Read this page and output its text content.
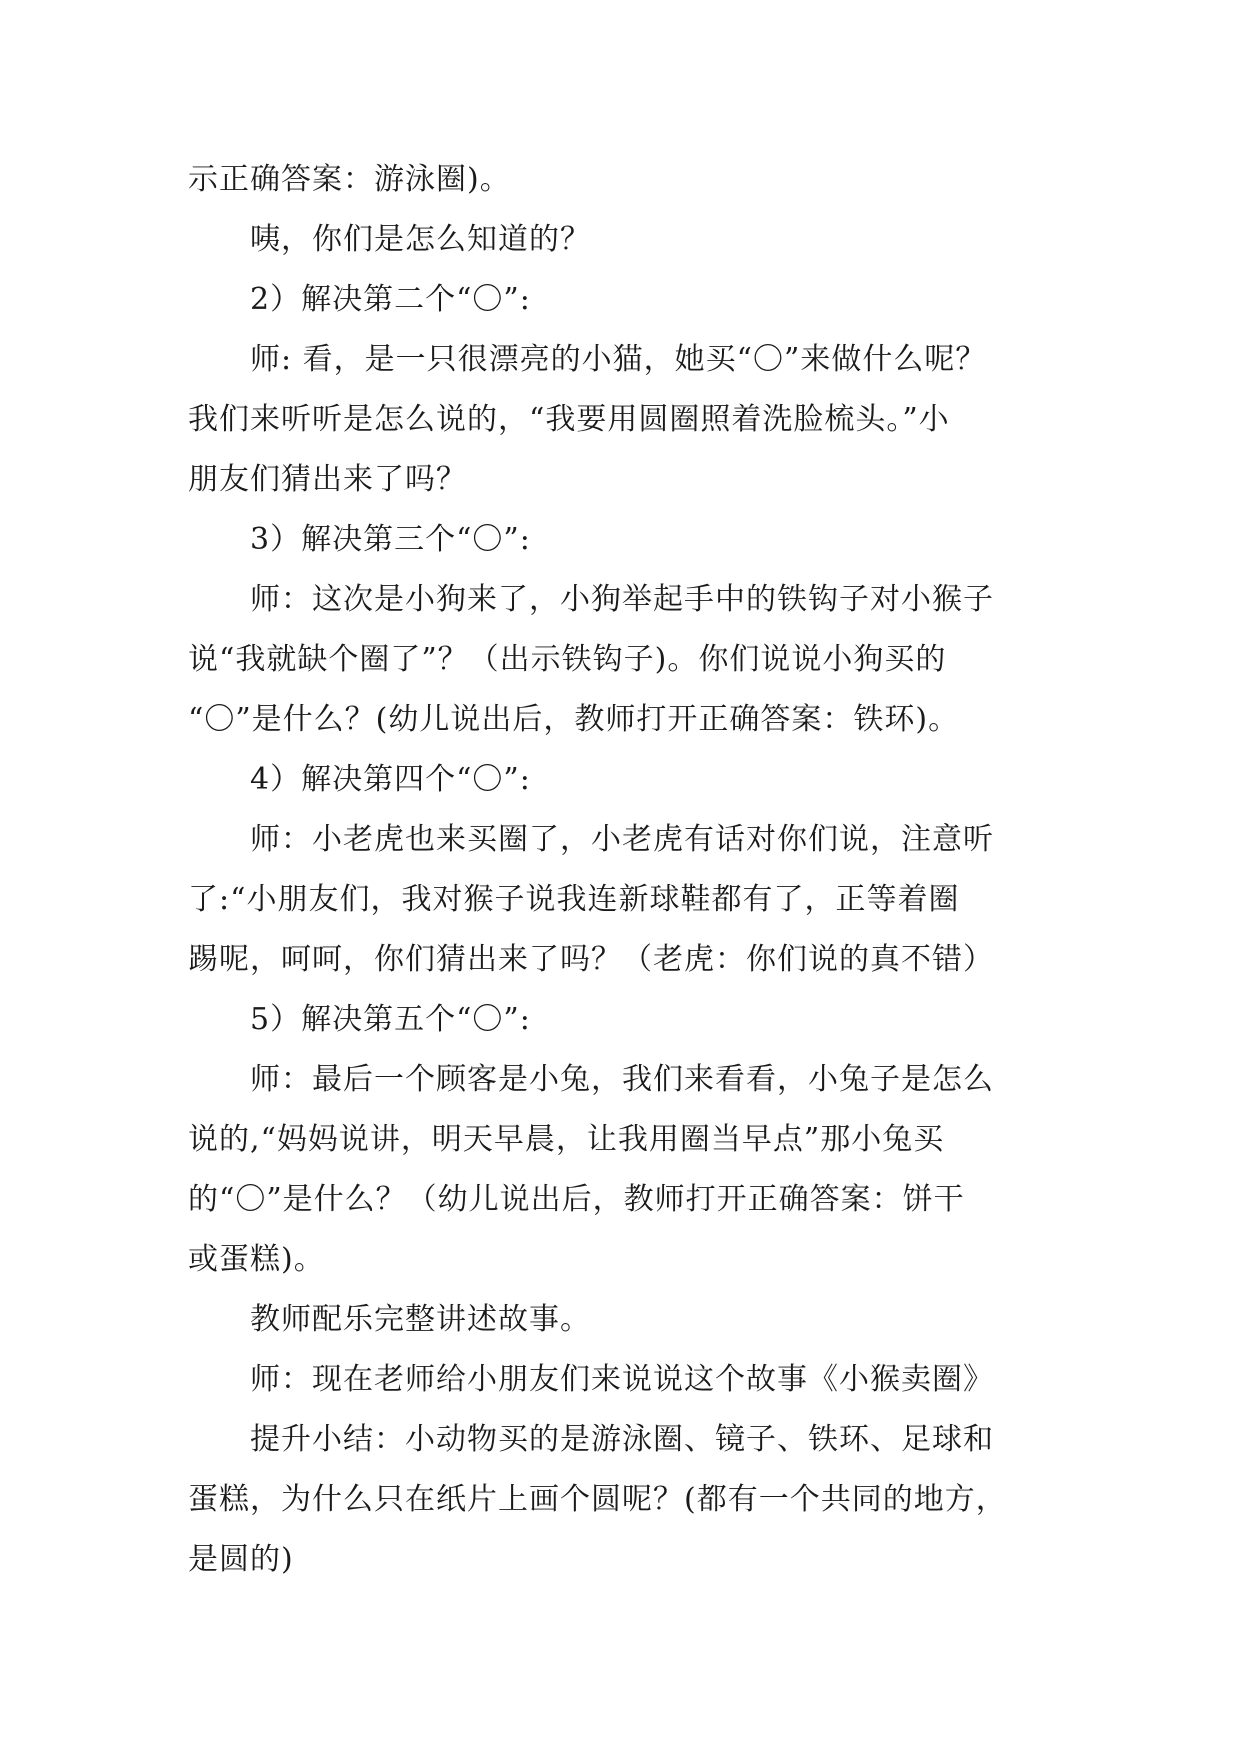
示正确答案：游泳圈)。
咦，你们是怎么知道的？
2）解决第二个“〇”:
师: 看，是一只很漂亮的小猫，她买“〇”来做什么呢？
我们来听听是怎么说的，“我要用圆圈照着洗脸梳头。”小
朋友们猜出来了吗？
3）解决第三个“〇”:
师：这次是小狗来了，小狗举起手中的铁钩子对小猴子
说“我就缺个圈了”？（出示铁钩子)。你们说说小狗买的
“〇”是什么？(幼儿说出后，教师打开正确答案：铁环)。
4）解决第四个“〇”:
师：小老虎也来买圈了，小老虎有话对你们说，注意听
了:“小朋友们，我对猴子说我连新球鞋都有了，正等着圈
踢呢，呵呵，你们猜出来了吗？（老虎：你们说的真不错）
5）解决第五个“〇”:
师：最后一个顾客是小兔，我们来看看，小兔子是怎么
说的,“妈妈说讲，明天早晨，让我用圈当早点”那小兔买
的“〇”是什么？（幼儿说出后，教师打开正确答案：饼干
或蛋糕)。
教师配乐完整讲述故事。
师：现在老师给小朋友们来说说这个故事《小猴卖圈》
提升小结：小动物买的是游泳圈、镜子、铁环、足球和
蛋糕，为什么只在纸片上画个圆呢？(都有一个共同的地方，
是圆的)
